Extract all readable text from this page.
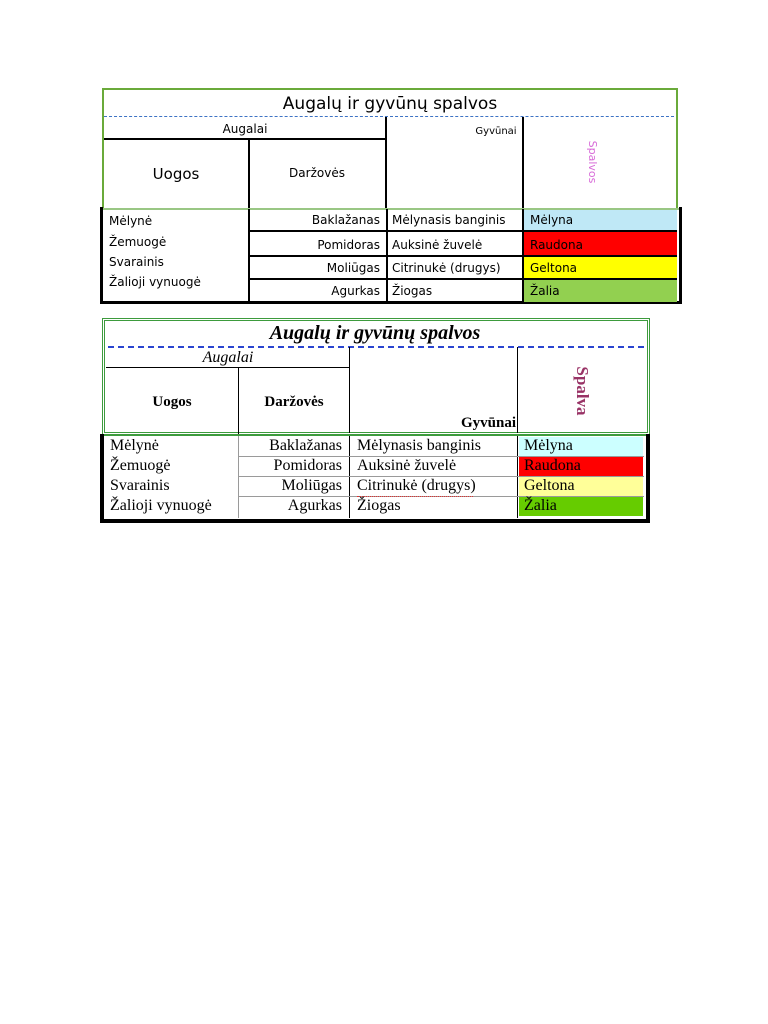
Augalų ir gyvūnų spalvos
Augalai
Uogos	Daržovės
Gyvūnai
Spalvos
Mėlynė
Žemuogė
Svarainis
Žalioji vynuogė
Baklažanas
Pomidoras
Moliūgas
Agurkas
Mėlynasis banginis
Auksinė žuvelė
Citrinukė (drugys)
Žiogas
Mėlyna
Raudona
Geltona
Žalia
Augalų ir gyvūnų spalvos
Augalai
Uogos	Daržovės
Gyvūnai
Spalva
Mėlynė
Žemuogė
Svarainis
Žalioji vynuogė
Baklažanas
Pomidoras
Moliūgas
Agurkas
Mėlynasis banginis
Auksinė žuvelė
Citrinukė (drugys)
Žiogas
Mėlyna
Raudona
Geltona
Žalia
